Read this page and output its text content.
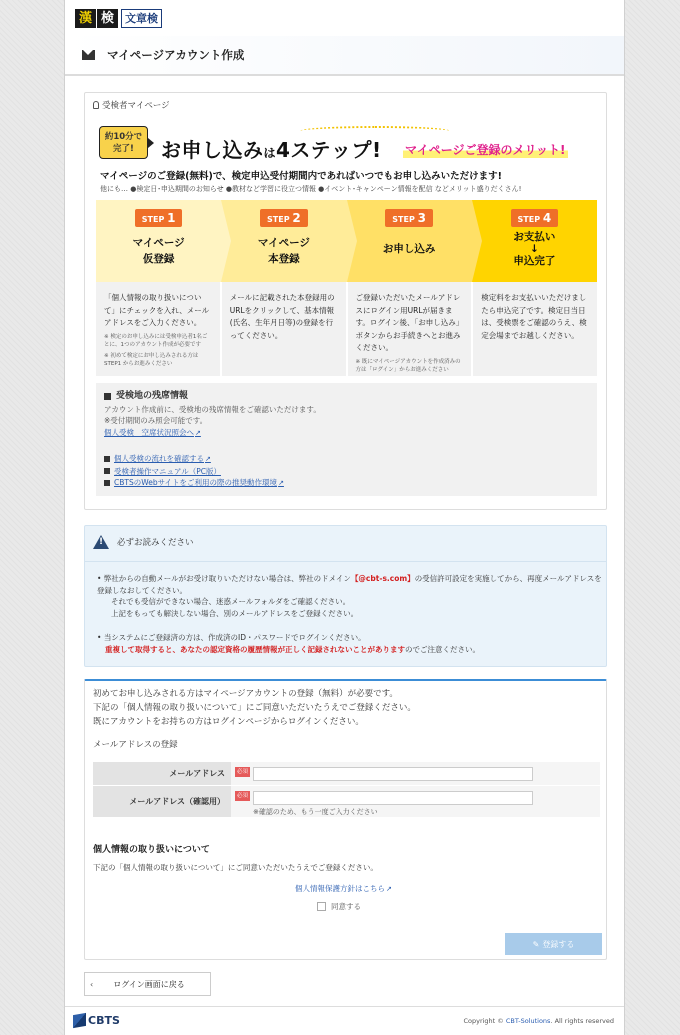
漢 検	文章検
マイページアカウント作成
受検者マイページ
約10分で
完了!	お申し込みは4ステップ! マイページご登録のメリット!
マイページのご登録(無料)で、検定申込受付期間内であればいつでもお申し込みいただけます!
他にも… ●検定日･申込期間のお知らせ ●教材など学習に役立つ情報 ●イベント･キャンペーン情報を配信 などメリット盛りだくさん!
STEP 1
マイページ
仮登録
STEP 2
マイページ
本登録
STEP 3
お申し込み
STEP 4
お支払い
↓
申込完了
「個人情報の取り扱いについて」にチェックを入れ、メールアドレスをご入力ください。
※ 検定のお申し込みには受検申込者1名ごとに、1つのアカウント作成が必要です
※ 初めて検定にお申し込みされる方はSTEP1 からお進みください
メールに記載された本登録用のURLをクリックして、基本情報(氏名、生年月日等)の登録を行ってください。
ご登録いただいたメールアドレスにログイン用URLが届きます。ログイン後、「お申し込み」ボタンからお手続きへとお進みください。
※ 既にマイページアカウントを作成済みの方は「ログイン」からお進みください
検定料をお支払いいただけましたら申込完了です。検定日当日は、受検票をご確認のうえ、検定会場までお越しください。
受検地の残席情報
アカウント作成前に、受検地の残席情報をご確認いただけます。
※受付期間のみ照会可能です。
個人受検　空席状況照会へ ↗
個人受検の流れを確認する ↗
受検者操作マニュアル（PC版）
CBTSのWebサイトをご利用の際の推奨動作環境 ↗
!
必ずお読みください
• 弊社からの自動メールがお受け取りいただけない場合は、弊社のドメイン【@cbt-s.com】の受信許可設定を実施してから、再度メールアドレスを登録しなおしてください。
それでも受信ができない場合、迷惑メールフォルダをご確認ください。
上記をもっても解決しない場合、別のメールアドレスをご登録ください。
• 当システムにご登録済の方は、作成済のID・パスワードでログインください。
重複して取得すると、あなたの認定資格の履歴情報が正しく記録されないことがありますのでご注意ください。
初めてお申し込みされる方はマイページアカウントの登録（無料）が必要です。
下記の「個人情報の取り扱いについて」にご同意いただいたうえでご登録ください。
既にアカウントをお持ちの方はログインページからログインください。
メールアドレスの登録
メールアドレス	必須
メールアドレス（確認用）
必須
※確認のため、もう一度ご入力ください
個人情報の取り扱いについて
下記の「個人情報の取り扱いについて」にご同意いただいたうえでご登録ください。
個人情報保護方針はこちら ↗
同意する
✎ 登録する
‹	ログイン画面に戻る
CBTS	Copyright © CBT-Solutions. All rights reserved
